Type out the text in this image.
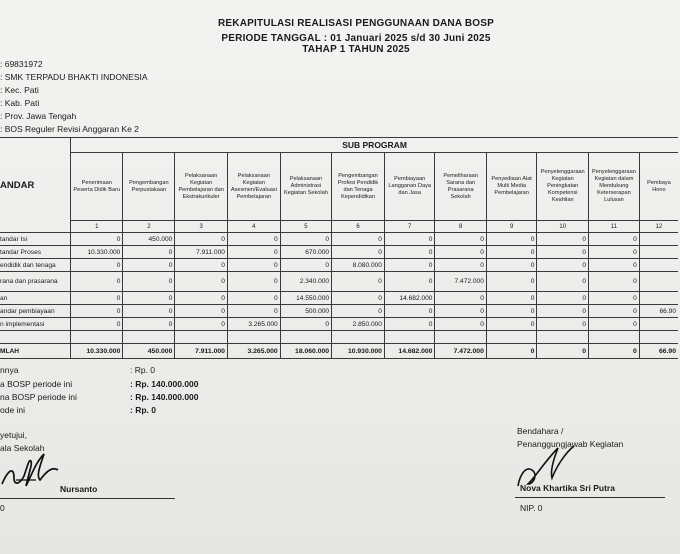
REKAPITULASI REALISASI PENGGUNAAN DANA BOSP
PERIODE TANGGAL : 01 Januari 2025 s/d 30 Juni 2025
TAHAP 1 TAHUN 2025
: 69831972
: SMK TERPADU BHAKTI INDONESIA
: Kec. Pati
: Kab. Pati
: Prov. Jawa Tengah
: BOS Reguler Revisi Anggaran Ke 2
ANDAR	SUB PROGRAM											
	Penerimaan Peserta Didik Baru	Pengembangan Perpustakaan	Pelaksanaan Kegiatan Pembelajaran dan Ekstrakurikuler	Pelaksanaan Kegiatan Asesmen/Evaluasi Pembelajaran	Pelaksanaan Administrasi Kegiatan Sekolah	Pengembangan Profesi Pendidik dan Tenaga Kependidikan	Pembiayaan Langganan Daya dan Jasa	Pemeliharaan Sarana dan Prasarana Sekolah	Penyediaan Alat Multi Media Pembelajaran	Penyelenggaraan Kegiatan Peningkatan Kompetensi Keahlian	Penyelenggaraan Kegiatan dalam Mendukung Keterserapan Lulusan	Pembaya Hono
	1	2	3	4	5	6	7	8	9	10	11	12
tandar Isi	0	450.000	0	0	0	0	0	0	0	0	0	
tandar Proses	10.330.000	0	7.911.000	0	670.000	0	0	0	0	0	0	
endidik dan tenaga	0	0	0	0	0	8.080.000	0	0	0	0	0	
rana dan prasarana	0	0	0	0	2.340.000	0	0	7.472.000	0	0	0	
an	0	0	0	0	14.550.000	0	14.682.000	0	0	0	0	
andar pembiayaan	0	0	0	0	500.000	0	0	0	0	0	0	66.90
n implementasi	0	0	0	3.265.000	0	2.850.000	0	0	0	0	0	

MLAH	10.330.000	450.000	7.911.000	3.265.000	18.060.000	10.930.000	14.682.000	7.472.000	0	0	0	66.90
nnya	: Rp. 0
a BOSP periode ini	: Rp. 140.000.000
na BOSP periode ini	: Rp. 140.000.000
ode ini	: Rp. 0
yetujui,
ala Sekolah
Nursanto
0
Bendahara /
Penanggungjawab Kegiatan
Nova Khartika Sri Putra
NIP. 0
